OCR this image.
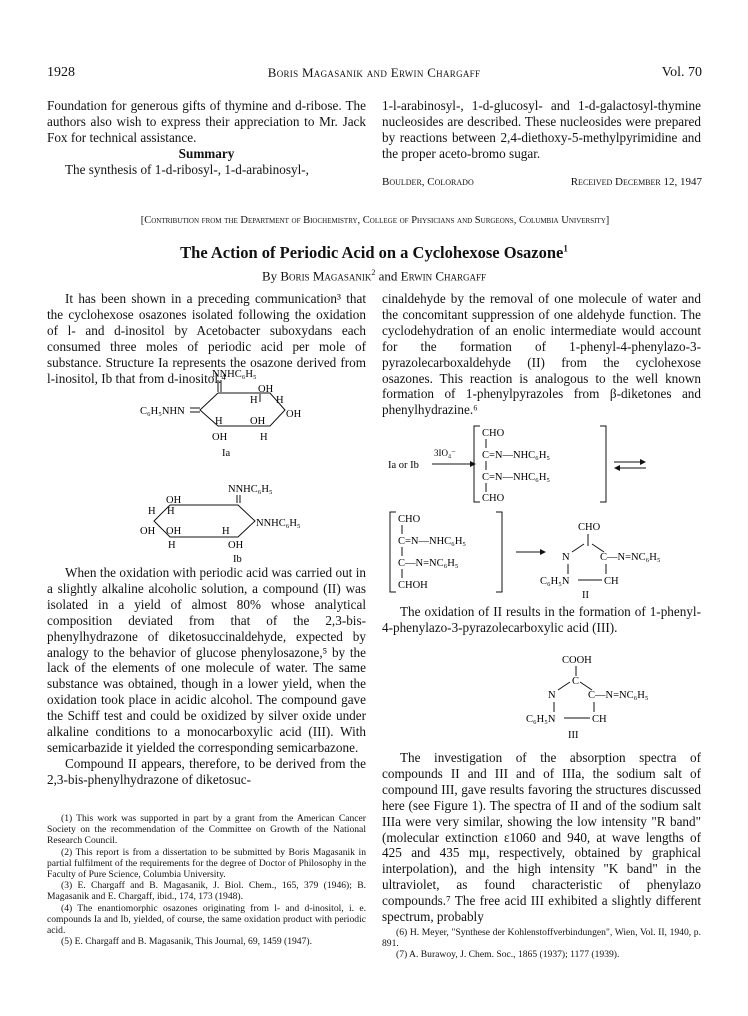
1928	Boris Magasanik and Erwin Chargaff	Vol. 70

Foundation for generous gifts of thymine and d-ribose. The authors also wish to express their appreciation to Mr. Jack Fox for technical assistance.

Summary

The synthesis of 1-d-ribosyl-, 1-d-arabinosyl-,

1-l-arabinosyl-, 1-d-glucosyl- and 1-d-galactosyl-thymine nucleosides are described. These nucleosides were prepared by reactions between 2,4-diethoxy-5-methylpyrimidine and the proper aceto-bromo sugar.

Boulder, Colorado	Received December 12, 1947
[Contribution from the Department of Biochemistry, College of Physicians and Surgeons, Columbia University]
The Action of Periodic Acid on a Cyclohexose Osazone$^1$
By Boris Magasanik$^2$ and Erwin Chargaff

It has been shown in a preceding communication³ that the cyclohexose osazones isolated following the oxidation of l- and d-inositol by Acetobacter suboxydans each consumed three moles of periodic acid per mole of substance. Structure Ia represents the osazone derived from l-inositol, Ib that from d-inositol.⁴

NNHC₆H₅
OH
H H
C₆H₅NHN
H	OH
OH
OH	H
Ia
NNHC₆H₅
OH
H H
NNHC₆H₅
OH OH	H
H	OH
Ib

When the oxidation with periodic acid was carried out in a slightly alkaline alcoholic solution, a compound (II) was isolated in a yield of almost 80% whose analytical composition deviated from that of the 2,3-bis-phenylhydrazone of diketosuccinaldehyde, expected by analogy to the behavior of glucose phenylosazone,⁵ by the lack of the elements of one molecule of water. The same substance was obtained, though in a lower yield, when the oxidation took place in acidic alcohol. The compound gave the Schiff test and could be oxidized by silver oxide under alkaline conditions to a monocarboxylic acid (III). With semicarbazide it yielded the corresponding semicarbazone.

Compound II appears, therefore, to be derived from the 2,3-bis-phenylhydrazone of diketosuc-

(1) This work was supported in part by a grant from the American Cancer Society on the recommendation of the Committee on Growth of the National Research Council.

(2) This report is from a dissertation to be submitted by Boris Magasanik in partial fulfilment of the requirements for the degree of Doctor of Philosophy in the Faculty of Pure Science, Columbia University.

(3) E. Chargaff and B. Magasanik, J. Biol. Chem., 165, 379 (1946); B. Magasanik and E. Chargaff, ibid., 174, 173 (1948).

(4) The enantiomorphic osazones originating from l- and d-inositol, i. e. compounds Ia and Ib, yielded, of course, the same oxidation product with periodic acid.

(5) E. Chargaff and B. Magasanik, This Journal, 69, 1459 (1947).

cinaldehyde by the removal of one molecule of water and the concomitant suppression of one aldehyde function. The cyclodehydration of an enolic intermediate would account for the formation of 1-phenyl-4-phenylazo-3-pyrazolecarboxaldehyde (II) from the cyclohexose osazones. This reaction is analogous to the well known formation of 1-phenylpyrazoles from β-diketones and phenylhydrazine.⁶

CHO
C=N—NHC₆H₅
C=N—NHC₆H₅
CHO
3IO₄⁻
Ia or Ib
CHO
C=N—NHC₆H₅
C—N=NC₆H₅
CHOH
CHO
N	C—N=NC₆H₅
C₆H₅N	CH
II

The oxidation of II results in the formation of 1-phenyl-4-phenylazo-3-pyrazolecarboxylic acid (III).

COOH
C
N	C—N=NC₆H₅
C₆H₅N	CH
III

The investigation of the absorption spectra of compounds II and III and of IIIa, the sodium salt of compound III, gave results favoring the structures discussed here (see Figure 1). The spectra of II and of the sodium salt IIIa were very similar, showing the low intensity "R band" (molecular extinction ε1060 and 940, at wave lengths of 425 and 435 mμ, respectively, obtained by graphical interpolation), and the high intensity "K band" in the ultraviolet, as found characteristic of phenylazo compounds.⁷ The free acid III exhibited a slightly different spectrum, probably

(6) H. Meyer, "Synthese der Kohlenstoffverbindungen", Wien, Vol. II, 1940, p. 891.

(7) A. Burawoy, J. Chem. Soc., 1865 (1937); 1177 (1939).
